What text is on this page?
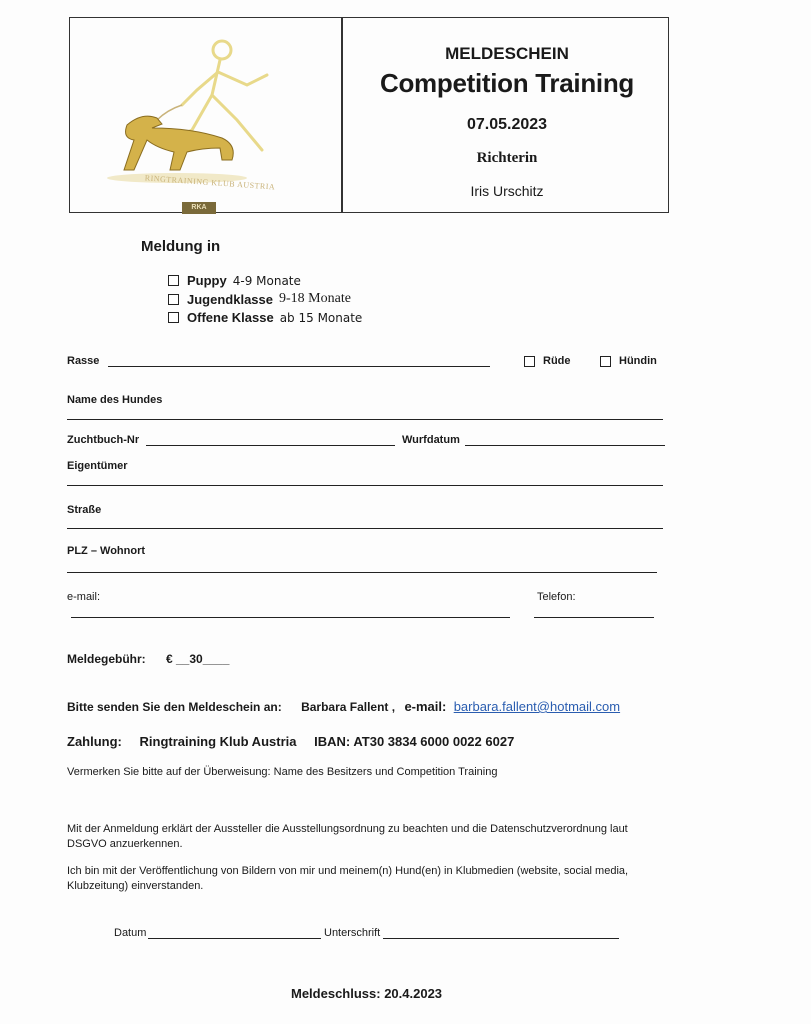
RINGTRAINING KLUB AUSTRIA
RKA
MELDESCHEIN
Competition Training
07.05.2023
Richterin
Iris Urschitz
Meldung in
Puppy 4-9 Monate
Jugendklasse 9-18 Monate
Offene Klasse ab 15 Monate
Rasse	Rüde	Hündin
Name des Hundes
Zuchtbuch-Nr	Wurfdatum
Eigentümer
Straße
PLZ – Wohnort
e-mail:	Telefon:
Meldegebühr: € __30____
Bitte senden Sie den Meldeschein an: Barbara Fallent , e-mail: barbara.fallent@hotmail.com
Zahlung: Ringtraining Klub Austria IBAN: AT30 3834 6000 0022 6027
Vermerken Sie bitte auf der Überweisung: Name des Besitzers und Competition Training
Mit der Anmeldung erklärt der Aussteller die Ausstellungsordnung zu beachten und die Datenschutzverordnung laut DSGVO anzuerkennen.
Ich bin mit der Veröffentlichung von Bildern von mir und meinem(n) Hund(en) in Klubmedien (website, social media, Klubzeitung) einverstanden.
Datum	Unterschrift
Meldeschluss: 20.4.2023
